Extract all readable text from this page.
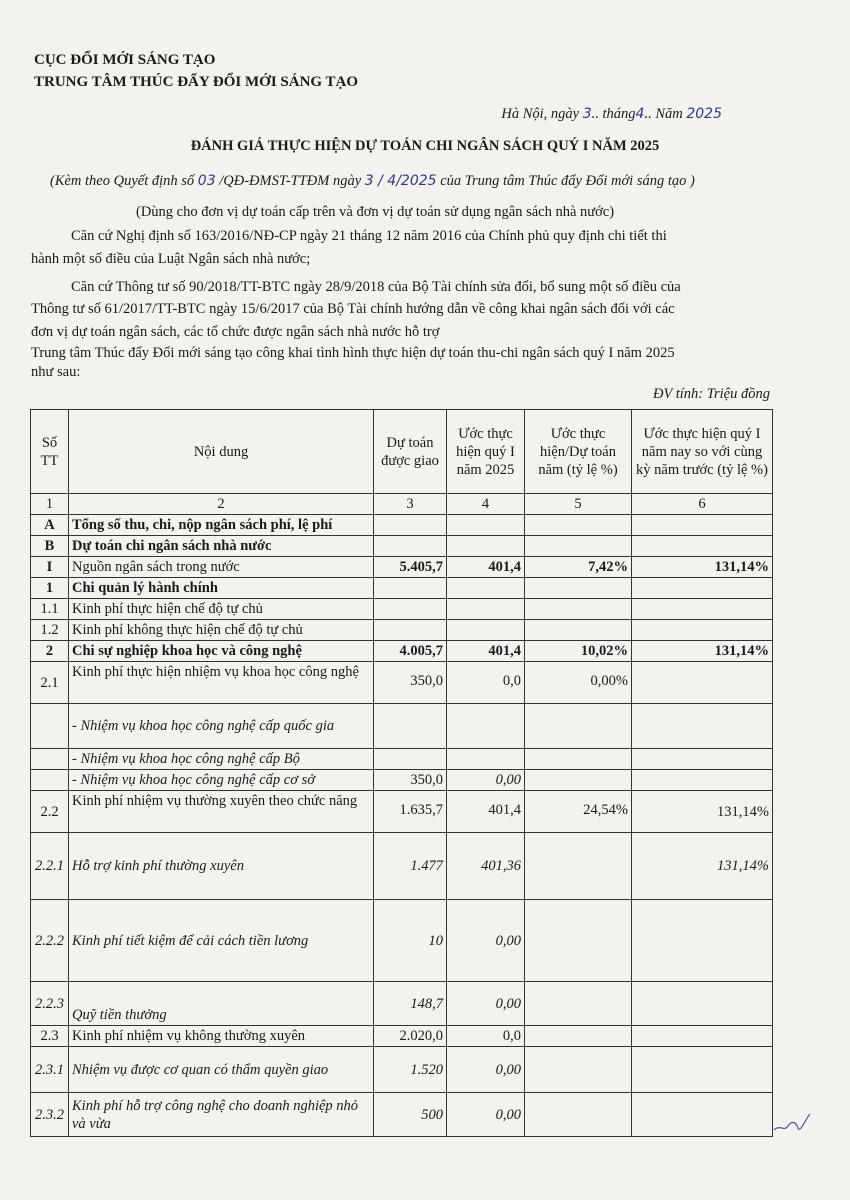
CỤC ĐỔI MỚI SÁNG TẠO
TRUNG TÂM THÚC ĐẨY ĐỔI MỚI SÁNG TẠO
Hà Nội, ngày 3.. tháng4.. Năm 2025
ĐÁNH GIÁ THỰC HIỆN DỰ TOÁN CHI NGÂN SÁCH QUÝ I NĂM 2025
(Kèm theo Quyết định số 03 /QĐ-ĐMST-TTĐM ngày 3 / 4/2025 của Trung tâm Thúc đẩy Đổi mới sáng tạo )
(Dùng cho đơn vị dự toán cấp trên và đơn vị dự toán sử dụng ngân sách nhà nước)
Căn cứ Nghị định số 163/2016/NĐ-CP ngày 21 tháng 12 năm 2016 của Chính phủ quy định chi tiết thi
hành một số điều của Luật Ngân sách nhà nước;
Căn cứ Thông tư số 90/2018/TT-BTC ngày 28/9/2018 của Bộ Tài chính sửa đổi, bổ sung một số điều của
Thông tư số 61/2017/TT-BTC ngày 15/6/2017 của Bộ Tài chính hướng dẫn về công khai ngân sách đối với các
đơn vị dự toán ngân sách, các tổ chức được ngân sách nhà nước hỗ trợ
Trung tâm Thúc đẩy Đổi mới sáng tạo công khai tình hình thực hiện dự toán thu-chi ngân sách quý I năm 2025
như sau:
ĐV tính: Triệu đồng
Số TT	Nội dung	Dự toán được giao	Ước thực hiện quý I năm 2025	Ước thực hiện/Dự toán năm (tỷ lệ %)	Ước thực hiện quý I năm nay so với cùng kỳ năm trước (tỷ lệ %)
1	2	3	4	5	6
A	Tổng số thu, chi, nộp ngân sách phí, lệ phí				
B	Dự toán chi ngân sách nhà nước				
I	Nguồn ngân sách trong nước	5.405,7	401,4	7,42%	131,14%
1	Chi quản lý hành chính				
1.1	Kinh phí thực hiện chế độ tự chủ				
1.2	Kinh phí không thực hiện chế độ tự chủ				
2	Chi sự nghiệp khoa học và công nghệ	4.005,7	401,4	10,02%	131,14%
2.1	Kinh phí thực hiện nhiệm vụ khoa học công nghệ	350,0	0,0	0,00%	
	- Nhiệm vụ khoa học công nghệ cấp quốc gia				
	- Nhiệm vụ khoa học công nghệ cấp Bộ				
	- Nhiệm vụ khoa học công nghệ cấp cơ sở	350,0	0,00		
2.2	Kinh phí nhiệm vụ thường xuyên theo chức năng	1.635,7	401,4	24,54%	131,14%
2.2.1	Hỗ trợ kinh phí thường xuyên	1.477	401,36		131,14%
2.2.2	Kinh phí tiết kiệm để cải cách tiền lương	10	0,00		
2.2.3	Quỹ tiền thưởng	148,7	0,00		
2.3	Kinh phí nhiệm vụ không thường xuyên	2.020,0	0,0		
2.3.1	Nhiệm vụ được cơ quan có thẩm quyền giao	1.520	0,00		
2.3.2	Kinh phí hỗ trợ công nghệ cho doanh nghiệp nhỏ và vừa	500	0,00		
